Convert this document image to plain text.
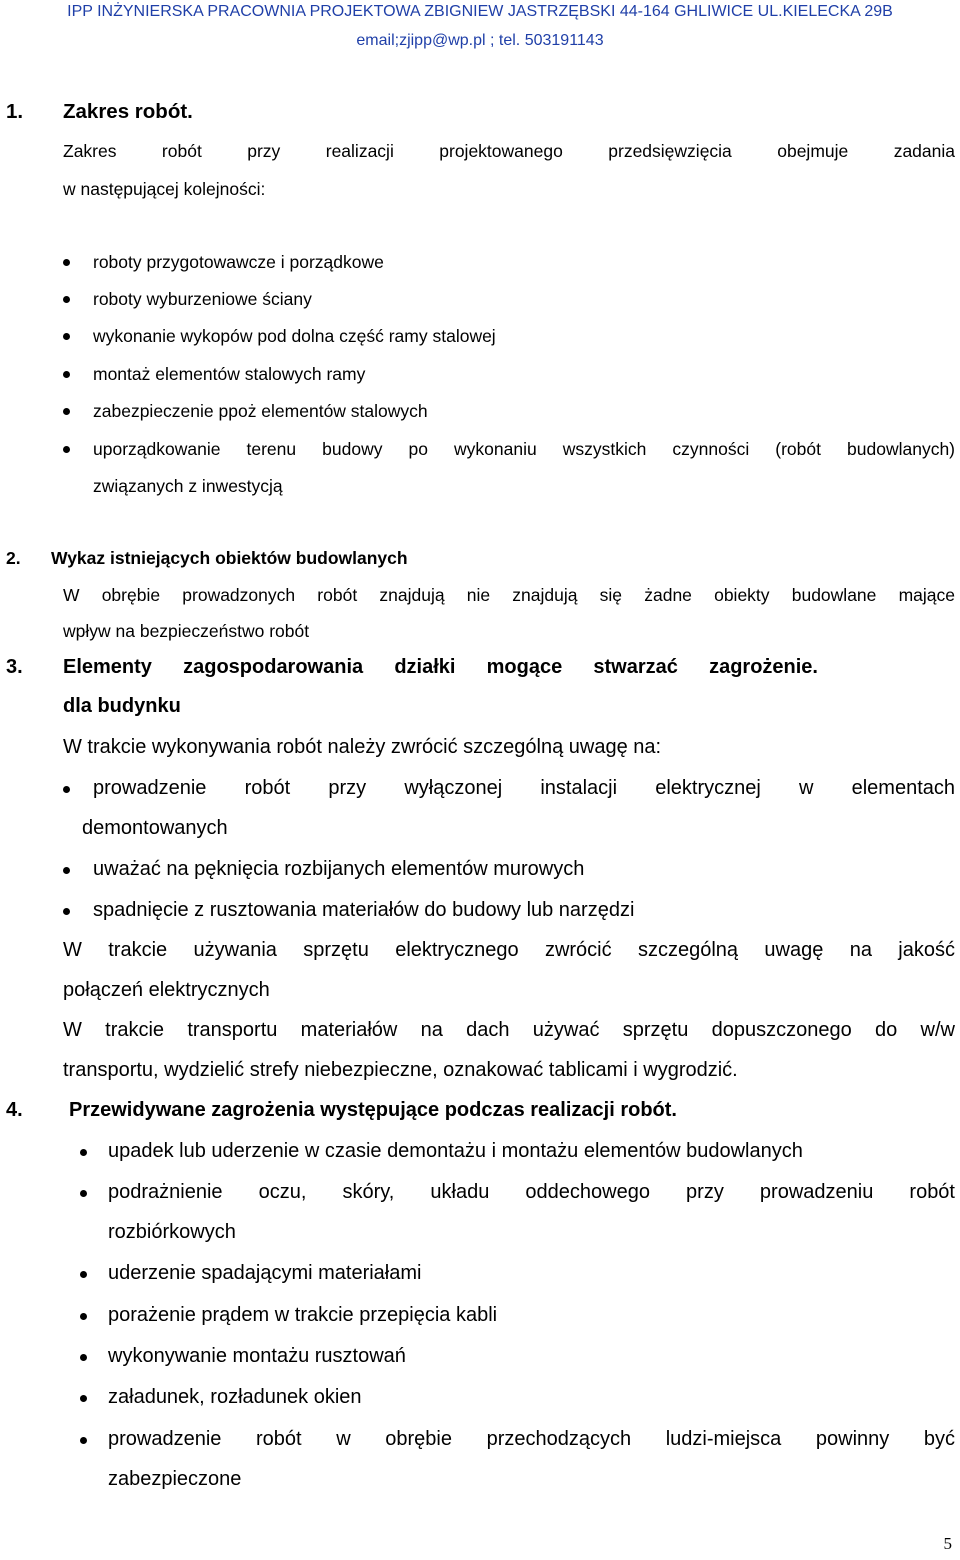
IPP INŻYNIERSKA PRACOWNIA PROJEKTOWA ZBIGNIEW JASTRZĘBSKI 44-164 GHLIWICE UL.KIELECKA 29B
email;zjipp@wp.pl ; tel. 503191143
1. Zakres robót.
Zakres robót przy realizacji projektowanego przedsięwzięcia obejmuje zadania
w następującej kolejności:
roboty przygotowawcze i porządkowe
roboty wyburzeniowe ściany
wykonanie wykopów pod dolna część ramy stalowej
montaż elementów stalowych ramy
zabezpieczenie ppoż elementów stalowych
uporządkowanie terenu budowy po wykonaniu wszystkich czynności (robót budowlanych)
związanych z inwestycją
2. Wykaz istniejących obiektów budowlanych
W obrębie prowadzonych robót znajdują nie znajdują się żadne obiekty budowlane mające
wpływ na bezpieczeństwo robót
3. Elementy zagospodarowania działki mogące stwarzać zagrożenie.
dla budynku
W trakcie wykonywania robót należy zwrócić szczególną uwagę na:
prowadzenie robót przy wyłączonej instalacji elektrycznej w elementach
demontowanych
uważać na pęknięcia rozbijanych elementów murowych
spadnięcie z rusztowania materiałów do budowy lub narzędzi
W trakcie używania sprzętu elektrycznego zwrócić szczególną uwagę na jakość
połączeń elektrycznych
W trakcie transportu materiałów na dach używać sprzętu dopuszczonego do w/w
transportu, wydzielić strefy niebezpieczne, oznakować tablicami i wygrodzić.
4. Przewidywane zagrożenia występujące podczas realizacji robót.
upadek lub uderzenie w czasie demontażu i montażu elementów budowlanych
podrażnienie oczu, skóry, układu oddechowego przy prowadzeniu robót
rozbiórkowych
uderzenie spadającymi materiałami
porażenie prądem w trakcie przepięcia kabli
wykonywanie montażu rusztowań
załadunek, rozładunek okien
prowadzenie robót w obrębie przechodzących ludzi-miejsca powinny być
zabezpieczone
5
